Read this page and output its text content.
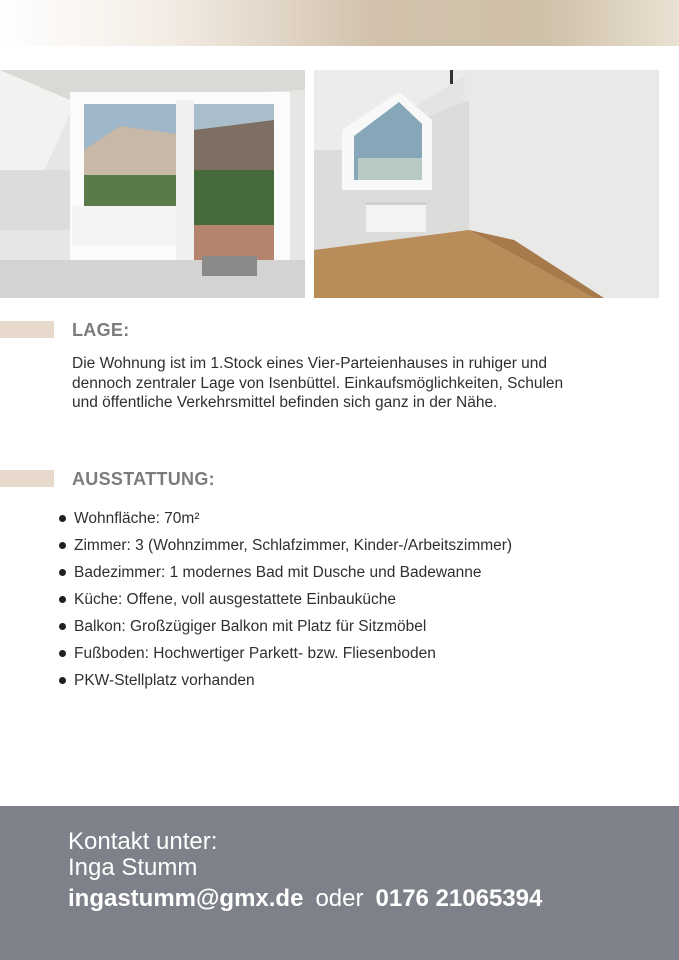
LAGE:

Die Wohnung ist im 1.Stock eines Vier-Parteienhauses in ruhiger und dennoch zentraler Lage von Isenbüttel. Einkaufsmöglichkeiten, Schulen und öffentliche Verkehrsmittel befinden sich ganz in der Nähe.

AUSSTATTUNG:
Wohnfläche: 70m²
Zimmer: 3 (Wohnzimmer, Schlafzimmer, Kinder-/Arbeitszimmer)
Badezimmer: 1 modernes Bad mit Dusche und Badewanne
Küche: Offene, voll ausgestattete Einbauküche
Balkon: Großzügiger Balkon mit Platz für Sitzmöbel
Fußboden: Hochwertiger Parkett- bzw. Fliesenboden
PKW-Stellplatz vorhanden

Kontakt unter:

Inga Stumm

ingastumm@gmx.de oder 0176 21065394
